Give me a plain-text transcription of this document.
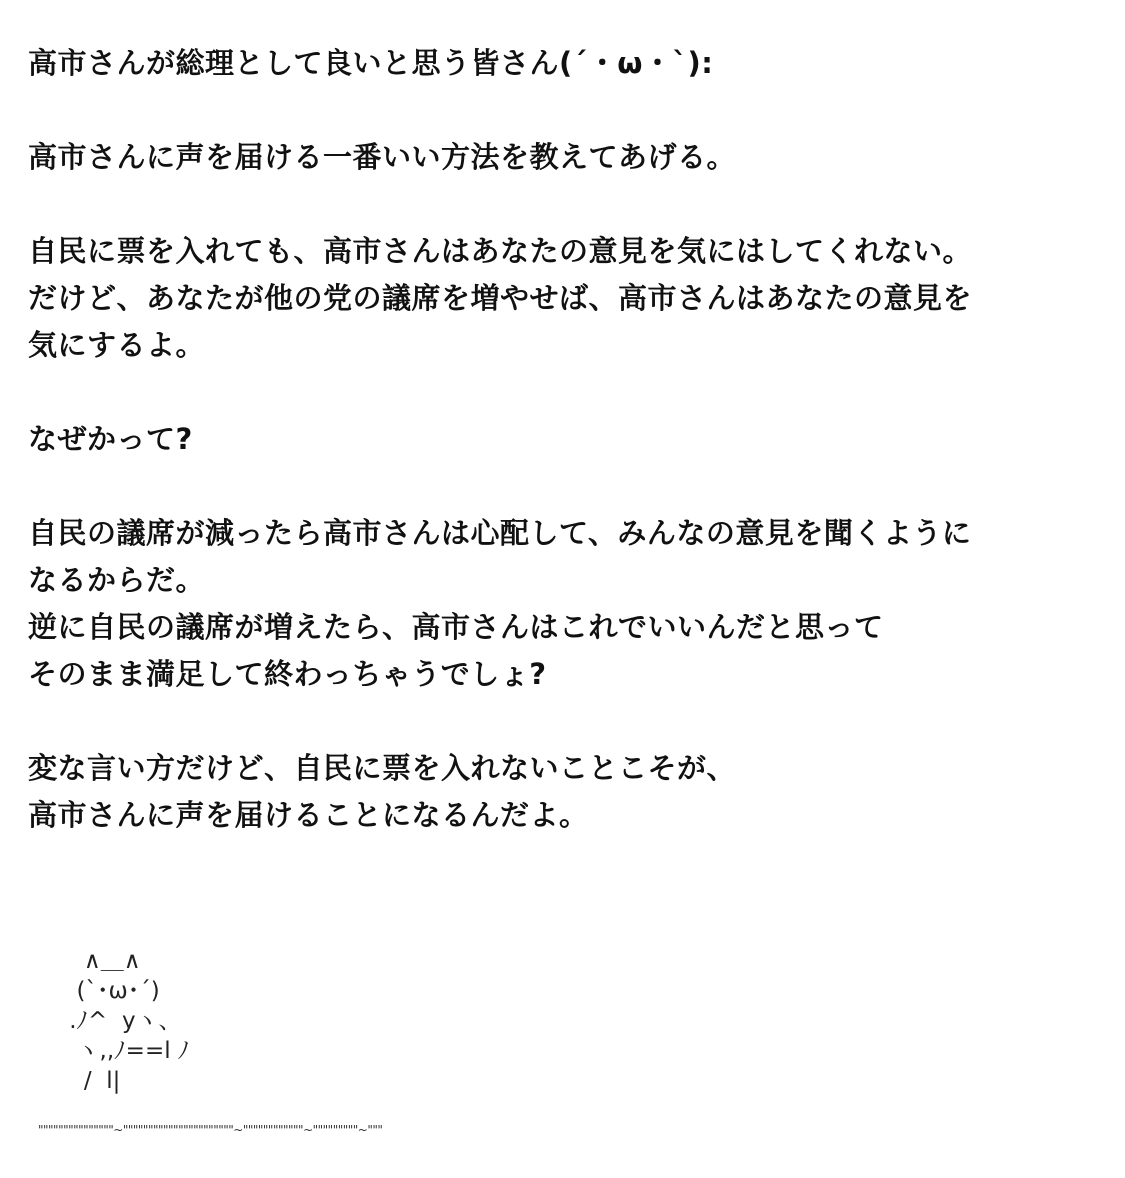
高市さんが総理として良いと思う皆さん(´・ω・`):
高市さんに声を届ける一番いい方法を教えてあげる。
自民に票を入れても、高市さんはあなたの意見を気にはしてくれない。
だけど、あなたが他の党の議席を増やせば、高市さんはあなたの意見を
気にするよ。
なぜかって?
自民の議席が減ったら高市さんは心配して、みんなの意見を聞くように
なるからだ。
逆に自民の議席が増えたら、高市さんはこれでいいんだと思って
そのまま満足して終わっちゃうでしょ?
変な言い方だけど、自民に票を入れないことこそが、
高市さんに声を届けることになるんだよ。
∧＿∧
(`･ω･´)
.ﾉ^  yヽ、
ヽ,,ﾉ==l ﾉ
/  l|
"""""""""""""""~""""""""""""""""""""""~""""""""""""~"""""""""~"""
